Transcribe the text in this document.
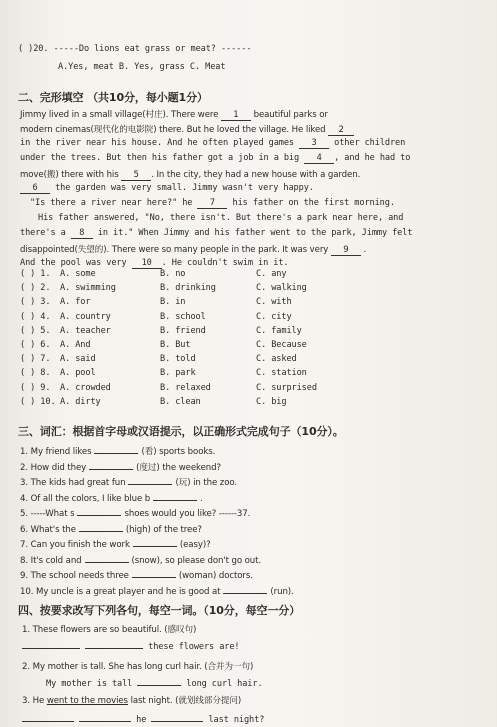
( )20. -----Do lions eat grass or meat? ------
A.Yes, meat B. Yes, grass C. Meat
二、完形填空 （共10分，每小题1分）
Jimmy lived in a small village(村庄). There were 1 beautiful parks or
modern cinemas(现代化的电影院) there. But he loved the village. He liked 2
in the river near his house. And he often played games 3 other children
under the trees. But then his father got a job in a big 4 , and he had to
move(搬) there with his 5 . In the city, they had a new house with a garden.
6 the garden was very small. Jimmy wasn't very happy.
"Is there a river near here?" he 7 his father on the first morning.
His father answered, "No, there isn't. But there's a park near here, and
there's a 8 in it." When Jimmy and his father went to the park, Jimmy felt
disappointed(失望的). There were so many people in the park. It was very 9 .
And the pool was very 10 . He couldn't swim in it.
( ) 1. A. some	B. no	C. any
( ) 2. A. swimming	B. drinking	C. walking
( ) 3. A. for	B. in	C. with
( ) 4. A. country	B. school	C. city
( ) 5. A. teacher	B. friend	C. family
( ) 6. A. And	B. But	C. Because
( ) 7. A. said	B. told	C. asked
( ) 8. A. pool	B. park	C. station
( ) 9. A. crowded	B. relaxed	C. surprised
( ) 10. A. dirty	B. clean	C. big
三、词汇：根据首字母或汉语提示，以正确形式完成句子（10分）。
1. My friend likes	(看) sports books.
2. How did they	(度过) the weekend?
3. The kids had great fun	(玩) in the zoo.
4. Of all the colors, I like blue b	.
5. -----What s	shoes would you like? ------37.
6. What's the	(high) of the tree?
7. Can you finish the work	(easy)?
8. It's cold and	(snow), so please don't go out.
9. The school needs three	(woman) doctors.
10. My uncle is a great player and he is good at	(run).
四、按要求改写下列各句，每空一词。（10分，每空一分）
1. These flowers are so beautiful. (感叹句)
these flowers are!
2. My mother is tall. She has long curl hair. (合并为一句)
My mother is tall	long curl hair.
3. He went to the movies last night. (就划线部分提问)
he	last night?
